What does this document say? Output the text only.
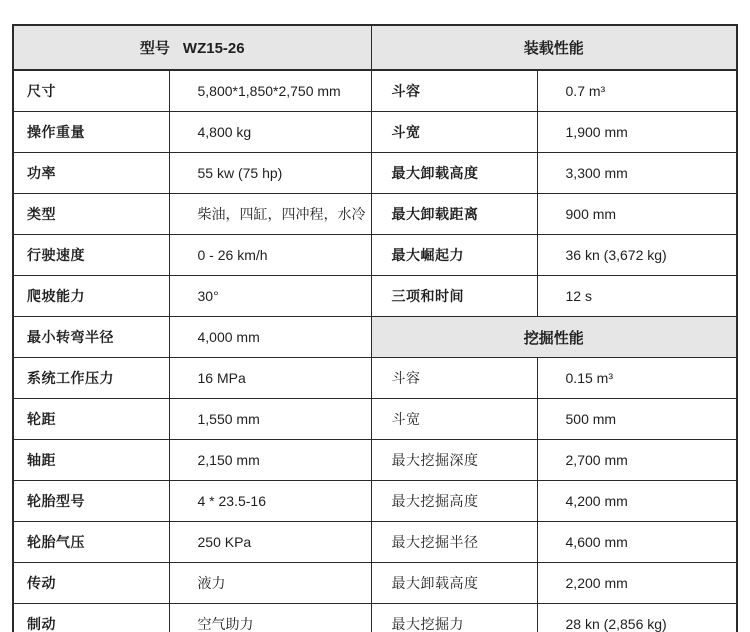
型号 WZ15-26		装载性能	
尺寸	5,800*1,850*2,750 mm	斗容	0.7 m³
操作重量	4,800 kg	斗宽	1,900 mm
功率	55 kw (75 hp)	最大卸载高度	3,300 mm
类型	柴油，四缸，四冲程，水冷	最大卸载距离	900 mm
行驶速度	0 - 26 km/h	最大崛起力	36 kn (3,672 kg)
爬坡能力	30°	三项和时间	12 s
最小转弯半径	4,000 mm	挖掘性能	
系统工作压力	16 MPa	斗容	0.15 m³
轮距	1,550 mm	斗宽	500 mm
轴距	2,150 mm	最大挖掘深度	2,700 mm
轮胎型号	4 * 23.5-16	最大挖掘高度	4,200 mm
轮胎气压	250 KPa	最大挖掘半径	4,600 mm
传动	液力	最大卸载高度	2,200 mm
制动	空气助力	最大挖掘力	28 kn (2,856 kg)
